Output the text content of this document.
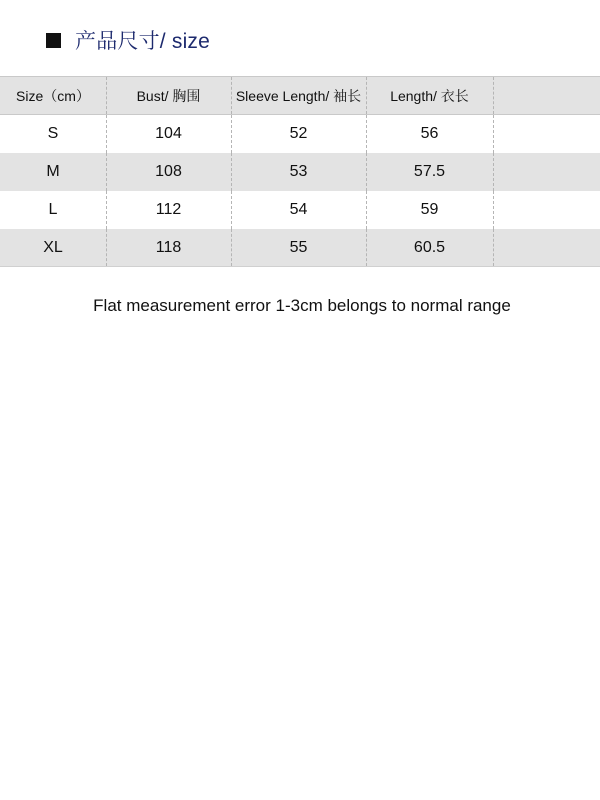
产品尺寸/ size
Size（cm）	Bust/ 胸围	Sleeve Length/ 袖长	Length/ 衣长
S	104	52	56
M	108	53	57.5
L	112	54	59
XL	118	55	60.5
Flat measurement error 1-3cm belongs to normal range
